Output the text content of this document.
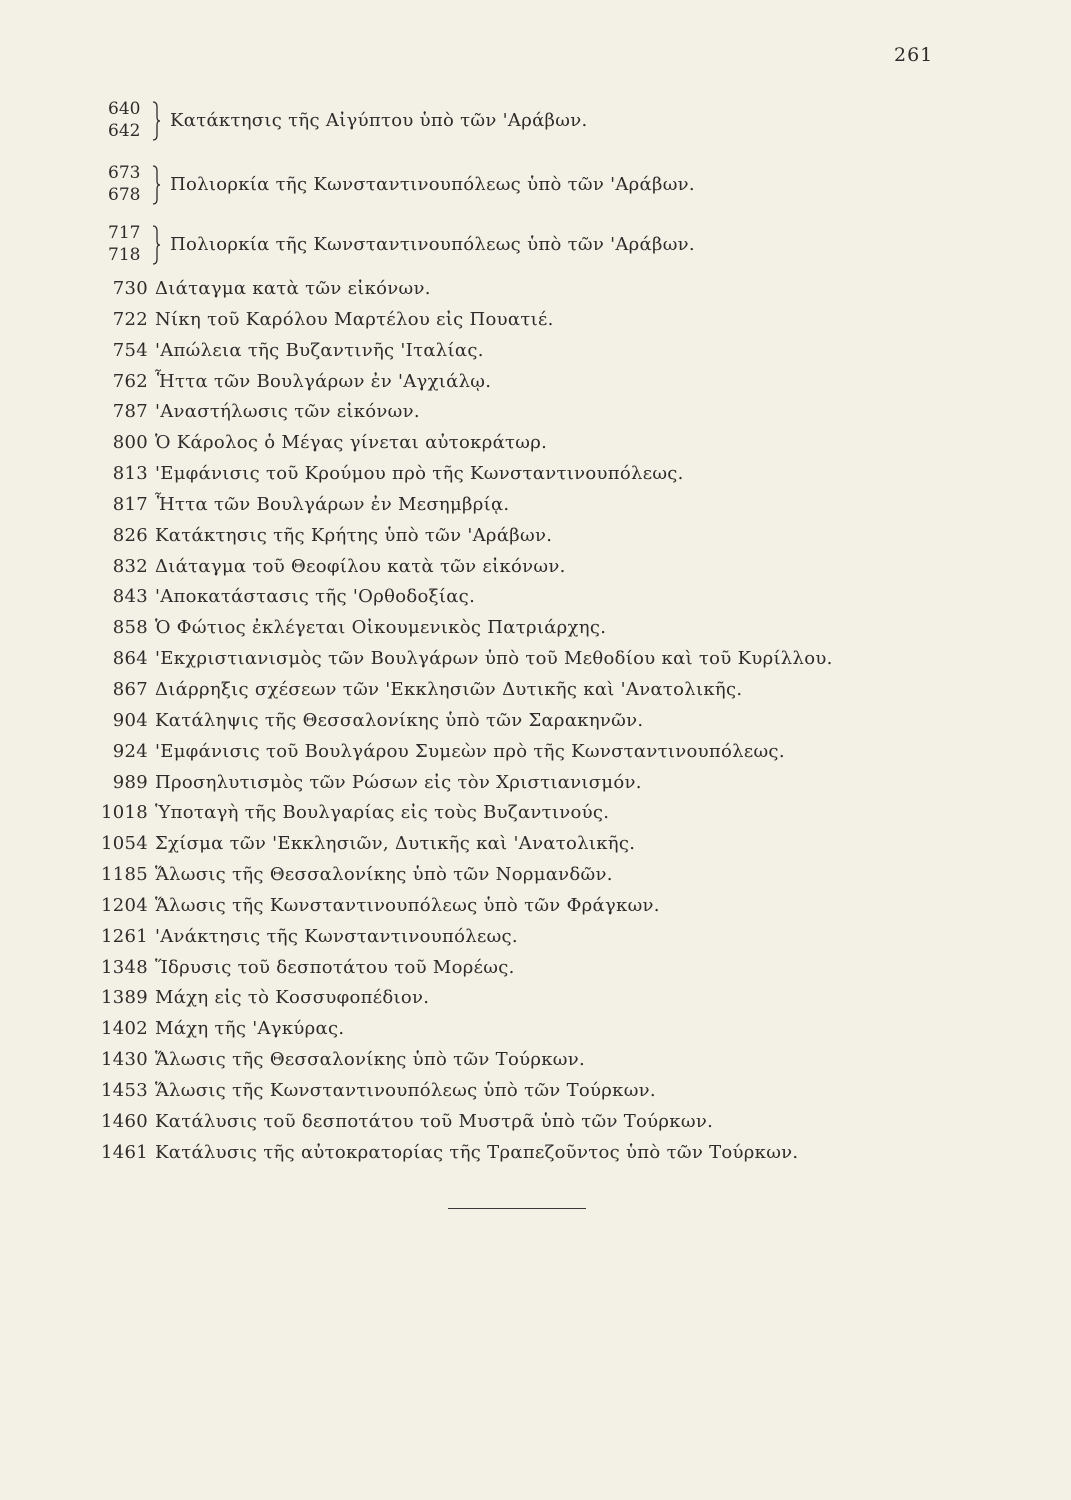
261
640
642	Κατάκτησις τῆς Αἰγύπτου ὑπὸ τῶν 'Αράβων.
673
678	Πολιορκία τῆς Κωνσταντινουπόλεως ὑπὸ τῶν 'Αράβων.
717
718	Πολιορκία τῆς Κωνσταντινουπόλεως ὑπὸ τῶν 'Αράβων.
730 Διάταγμα κατὰ τῶν εἰκόνων.
722 Νίκη τοῦ Καρόλου Μαρτέλου εἰς Πουατιέ.
754 'Απώλεια τῆς Βυζαντινῆς 'Ιταλίας.
762 Ἧττα τῶν Βουλγάρων ἐν 'Αγχιάλῳ.
787 'Αναστήλωσις τῶν εἰκόνων.
800 Ὁ Κάρολος ὁ Μέγας γίνεται αὐτοκράτωρ.
813 'Εμφάνισις τοῦ Κρούμου πρὸ τῆς Κωνσταντινουπόλεως.
817 Ἧττα τῶν Βουλγάρων ἐν Μεσημβρίᾳ.
826 Κατάκτησις τῆς Κρήτης ὑπὸ τῶν 'Αράβων.
832 Διάταγμα τοῦ Θεοφίλου κατὰ τῶν εἰκόνων.
843 'Αποκατάστασις τῆς 'Ορθοδοξίας.
858 Ὁ Φώτιος ἐκλέγεται Οἰκουμενικὸς Πατριάρχης.
864 'Εκχριστιανισμὸς τῶν Βουλγάρων ὑπὸ τοῦ Μεθοδίου καὶ τοῦ Κυρίλλου.
867 Διάρρηξις σχέσεων τῶν 'Εκκλησιῶν Δυτικῆς καὶ 'Ανατολικῆς.
904 Κατάληψις τῆς Θεσσαλονίκης ὑπὸ τῶν Σαρακηνῶν.
924 'Εμφάνισις τοῦ Βουλγάρου Συμεὼν πρὸ τῆς Κωνσταντινουπόλεως.
989 Προσηλυτισμὸς τῶν Ρώσων εἰς τὸν Χριστιανισμόν.
1018 Ὑποταγὴ τῆς Βουλγαρίας εἰς τοὺς Βυζαντινούς.
1054 Σχίσμα τῶν 'Εκκλησιῶν, Δυτικῆς καὶ 'Ανατολικῆς.
1185 Ἅλωσις τῆς Θεσσαλονίκης ὑπὸ τῶν Νορμανδῶν.
1204 Ἅλωσις τῆς Κωνσταντινουπόλεως ὑπὸ τῶν Φράγκων.
1261 'Ανάκτησις τῆς Κωνσταντινουπόλεως.
1348 Ἵδρυσις τοῦ δεσποτάτου τοῦ Μορέως.
1389 Μάχη εἰς τὸ Κοσσυφοπέδιον.
1402 Μάχη τῆς 'Αγκύρας.
1430 Ἅλωσις τῆς Θεσσαλονίκης ὑπὸ τῶν Τούρκων.
1453 Ἅλωσις τῆς Κωνσταντινουπόλεως ὑπὸ τῶν Τούρκων.
1460 Κατάλυσις τοῦ δεσποτάτου τοῦ Μυστρᾶ ὑπὸ τῶν Τούρκων.
1461 Κατάλυσις τῆς αὐτοκρατορίας τῆς Τραπεζοῦντος ὑπὸ τῶν Τούρκων.
